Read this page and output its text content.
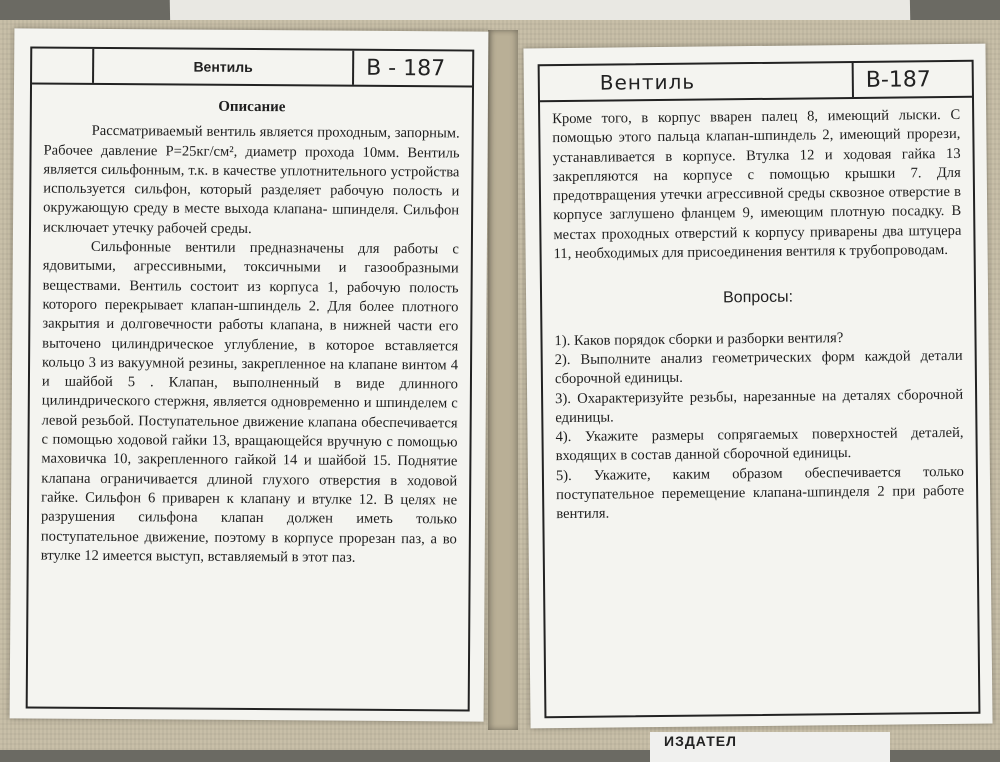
Вентиль	В - 187
Описание

Рассматриваемый вентиль является проходным, запорным. Рабочее давление P=25кг/см², диаметр прохода 10мм. Вентиль является сильфонным, т.к. в качестве уплотнительного устройства используется сильфон, который разделяет рабочую полость и окружающую среду в месте выхода клапана- шпинделя. Сильфон исключает утечку рабочей среды.

Сильфонные вентили предназначены для работы с ядовитыми, агрессивными, токсичными и газообразными веществами. Вентиль состоит из корпуса 1, рабочую полость которого перекрывает клапан-шпиндель 2. Для более плотного закрытия и долговечности работы клапана, в нижней части его выточено цилиндрическое углубление, в которое вставляется кольцо 3 из вакуумной резины, закрепленное на клапане винтом 4 и шайбой 5 . Клапан, выполненный в виде длинного цилиндрического стержня, является одновременно и шпинделем с левой резьбой. Поступательное движение клапана обеспечивается с помощью ходовой гайки 13, вращающейся вручную с помощью маховичка 10, закрепленного гайкой 14 и шайбой 15. Поднятие клапана ограничивается длиной глухого отверстия в ходовой гайке. Сильфон 6 приварен к клапану и втулке 12. В целях не разрушения сильфона клапан должен иметь только поступательное движение, поэтому в корпусе прорезан паз, а во втулке 12 имеется выступ, вставляемый в этот паз.

Вентиль	В-187

Кроме того, в корпус вварен палец 8, имеющий лыски. С помощью этого пальца клапан-шпиндель 2, имеющий прорези, устанавливается в корпусе. Втулка 12 и ходовая гайка 13 закрепляются на корпусе с помощью крышки 7. Для предотвращения утечки агрессивной среды сквозное отверстие в корпусе заглушено фланцем 9, имеющим плотную посадку. В местах проходных отверстий к корпусу приварены два штуцера 11, необходимых для присоединения вентиля к трубопроводам.

Вопросы:

1). Каков порядок сборки и разборки вентиля?

2). Выполните анализ геометрических форм каждой детали сборочной единицы.

3). Охарактеризуйте резьбы, нарезанные на деталях сборочной единицы.

4). Укажите размеры сопрягаемых поверхностей деталей, входящих в состав данной сборочной единицы.

5). Укажите, каким образом обеспечивается только поступательное перемещение клапана-шпинделя 2 при работе вентиля.

ИЗДАТЕЛ
